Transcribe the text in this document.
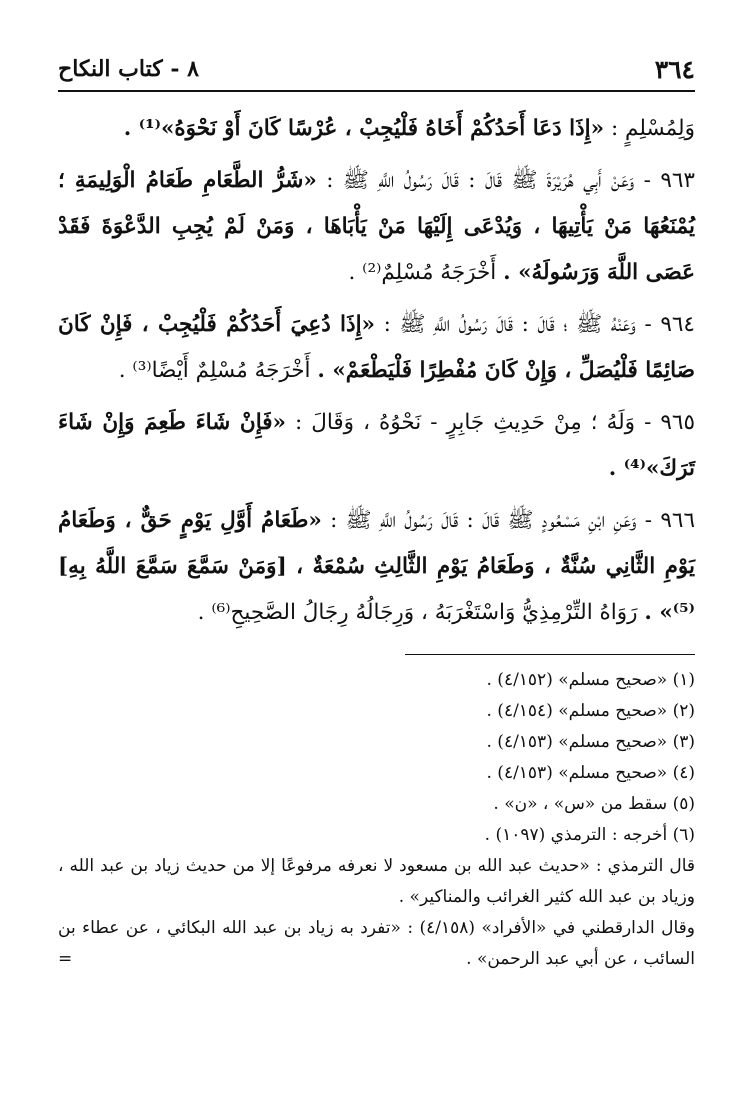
٣٦٤
٨ - كتاب النكاح

وَلِمُسْلِمٍ : «إِذَا دَعَا أَحَدُكُمْ أَخَاهُ فَلْيُجِبْ ، عُرْسًا كَانَ أَوْ نَحْوَهُ»⁽¹⁾ .

٩٦٣ - وَعَنْ أَبِي هُرَيْرَةَ ﷺ قَالَ : قَالَ رَسُولُ اللَّهِ ﷺ : «شَرُّ الطَّعَامِ طَعَامُ الْوَلِيمَةِ ؛ يُمْنَعُهَا مَنْ يَأْتِيهَا ، وَيُدْعَى إِلَيْهَا مَنْ يَأْبَاهَا ، وَمَنْ لَمْ يُجِبِ الدَّعْوَةَ فَقَدْ عَصَى اللَّهَ وَرَسُولَهُ» . أَخْرَجَهُ مُسْلِمٌ⁽²⁾ .

٩٦٤ - وَعَنْهُ ﷺ ؛ قَالَ : قَالَ رَسُولُ اللَّهِ ﷺ : «إِذَا دُعِيَ أَحَدُكُمْ فَلْيُجِبْ ، فَإِنْ كَانَ صَائِمًا فَلْيُصَلِّ ، وَإِنْ كَانَ مُفْطِرًا فَلْيَطْعَمْ» . أَخْرَجَهُ مُسْلِمٌ أَيْضًا⁽³⁾ .

٩٦٥ - وَلَهُ ؛ مِنْ حَدِيثِ جَابِرٍ - نَحْوُهُ ، وَقَالَ : «فَإِنْ شَاءَ طَعِمَ وَإِنْ شَاءَ تَرَكَ»⁽⁴⁾ .

٩٦٦ - وَعَنِ ابْنِ مَسْعُودٍ ﷺ قَالَ : قَالَ رَسُولُ اللَّهِ ﷺ : «طَعَامُ أَوَّلِ يَوْمٍ حَقٌّ ، وَطَعَامُ يَوْمِ الثَّانِي سُنَّةٌ ، وَطَعَامُ يَوْمِ الثَّالِثِ سُمْعَةٌ ، [وَمَنْ سَمَّعَ سَمَّعَ اللَّهُ بِهِ]⁽⁵⁾» . رَوَاهُ التِّرْمِذِيُّ وَاسْتَغْرَبَهُ ، وَرِجَالُهُ رِجَالُ الصَّحِيحِ⁽⁶⁾ .

(١) «صحيح مسلم» (٤/١٥٢) .

(٢) «صحيح مسلم» (٤/١٥٤) .

(٣) «صحيح مسلم» (٤/١٥٣) .

(٤) «صحيح مسلم» (٤/١٥٣) .

(٥) سقط من «س» ، «ن» .

(٦) أخرجه : الترمذي (١٠٩٧) .

قال الترمذي : «حديث عبد الله بن مسعود لا نعرفه مرفوعًا إلا من حديث زياد بن عبد الله ، وزياد بن عبد الله كثير الغرائب والمناكير» .

وقال الدارقطني في «الأفراد» (٤/١٥٨) : «تفرد به زياد بن عبد الله البكائي ، عن عطاء بن السائب ، عن أبي عبد الرحمن» .
=
